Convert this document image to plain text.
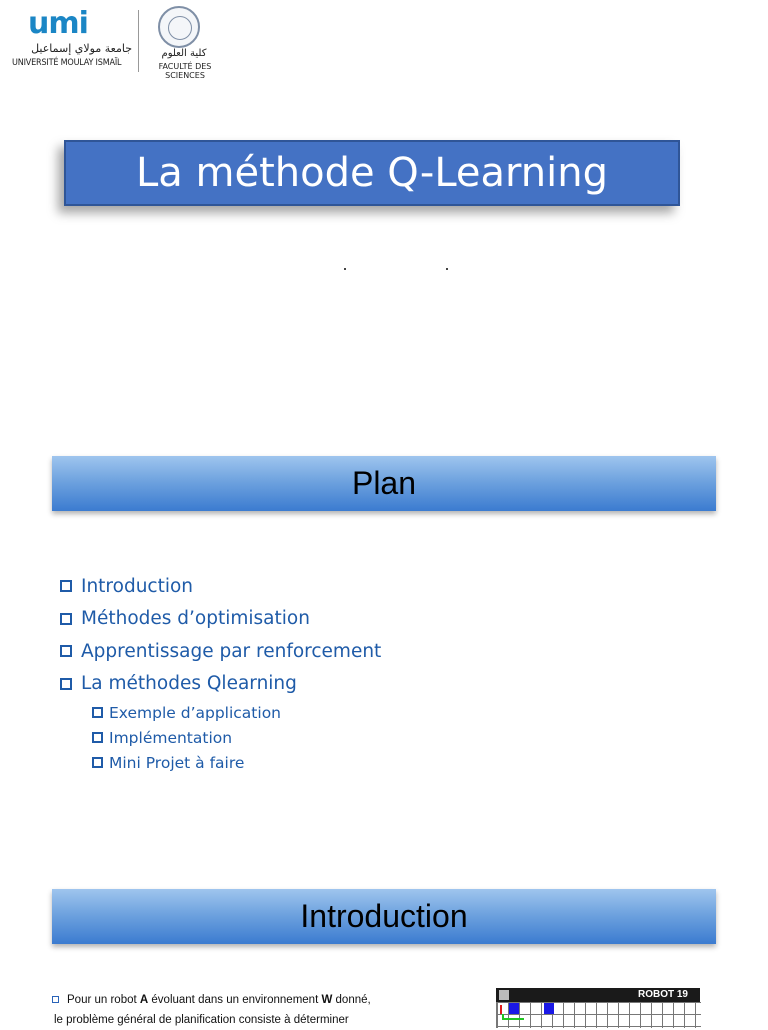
umi
جامعة مولاي إسماعيل
UNIVERSITÉ MOULAY ISMAÏL
كلية العلوم
FACULTÉ DES SCIENCES
La méthode Q-Learning
Plan
Introduction
Méthodes d’optimisation
Apprentissage par renforcement
La méthodes Qlearning
Exemple d’application
Implémentation
Mini Projet à faire
Introduction
Pour un robot A évoluant dans un environnement W donné,
le problème général de planification consiste à déterminer
ROBOT 19
